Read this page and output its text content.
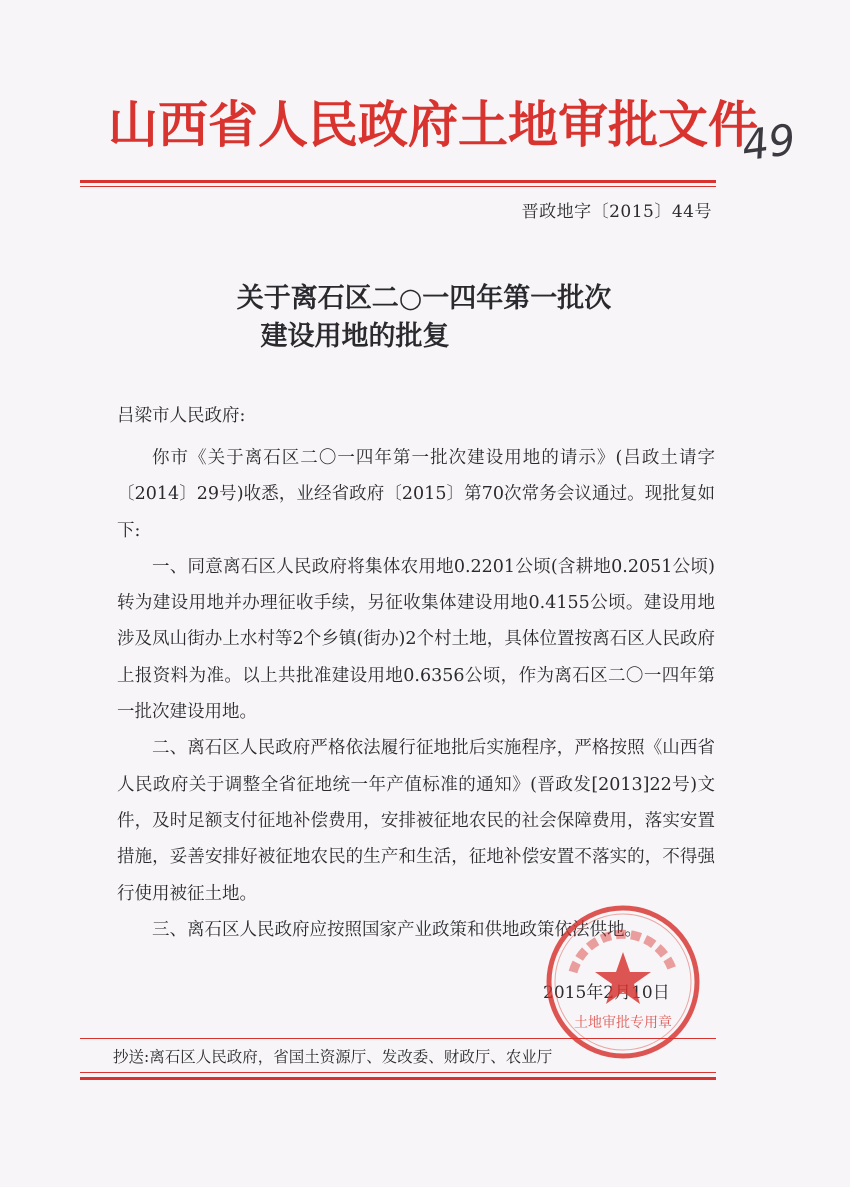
山西省人民政府土地审批文件
49
晋政地字〔2015〕44号
关于离石区二○一四年第一批次
建设用地的批复
吕梁市人民政府:

你市《关于离石区二〇一四年第一批次建设用地的请示》(吕政土请字〔2014〕29号)收悉，业经省政府〔2015〕第70次常务会议通过。现批复如下:

一、同意离石区人民政府将集体农用地0.2201公顷(含耕地0.2051公顷)转为建设用地并办理征收手续，另征收集体建设用地0.4155公顷。建设用地涉及凤山街办上水村等2个乡镇(街办)2个村土地，具体位置按离石区人民政府上报资料为准。以上共批准建设用地0.6356公顷，作为离石区二〇一四年第一批次建设用地。

二、离石区人民政府严格依法履行征地批后实施程序，严格按照《山西省人民政府关于调整全省征地统一年产值标准的通知》(晋政发[2013]22号)文件，及时足额支付征地补偿费用，安排被征地农民的社会保障费用，落实安置措施，妥善安排好被征地农民的生产和生活，征地补偿安置不落实的，不得强行使用被征土地。

三、离石区人民政府应按照国家产业政策和供地政策依法供地。

2015年2月10日
土地审批专用章
抄送:离石区人民政府，省国土资源厅、发改委、财政厅、农业厅
